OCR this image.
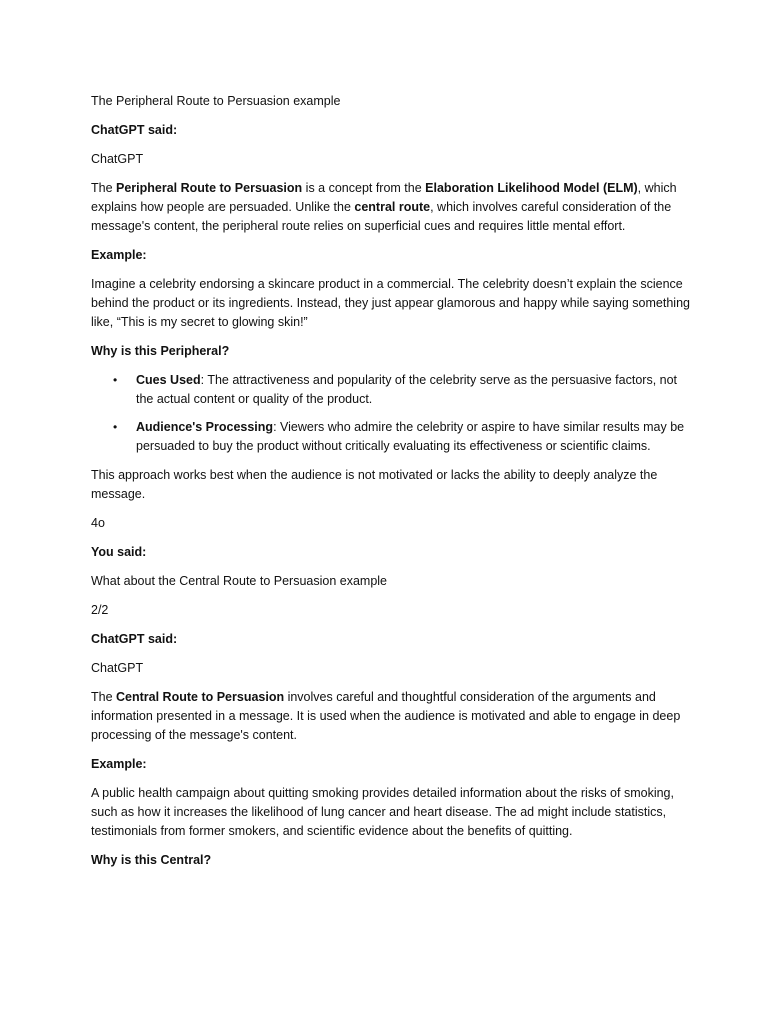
The Peripheral Route to Persuasion example

ChatGPT said:

ChatGPT

The Peripheral Route to Persuasion is a concept from the Elaboration Likelihood Model (ELM), which explains how people are persuaded. Unlike the central route, which involves careful consideration of the message's content, the peripheral route relies on superficial cues and requires little mental effort.

Example:

Imagine a celebrity endorsing a skincare product in a commercial. The celebrity doesn’t explain the science behind the product or its ingredients. Instead, they just appear glamorous and happy while saying something like, “This is my secret to glowing skin!”

Why is this Peripheral?

• Cues Used: The attractiveness and popularity of the celebrity serve as the persuasive factors, not the actual content or quality of the product.
• Audience's Processing: Viewers who admire the celebrity or aspire to have similar results may be persuaded to buy the product without critically evaluating its effectiveness or scientific claims.

This approach works best when the audience is not motivated or lacks the ability to deeply analyze the message.

4o

You said:

What about the Central Route to Persuasion example

2/2

ChatGPT said:

ChatGPT

The Central Route to Persuasion involves careful and thoughtful consideration of the arguments and information presented in a message. It is used when the audience is motivated and able to engage in deep processing of the message's content.

Example:

A public health campaign about quitting smoking provides detailed information about the risks of smoking, such as how it increases the likelihood of lung cancer and heart disease. The ad might include statistics, testimonials from former smokers, and scientific evidence about the benefits of quitting.

Why is this Central?
